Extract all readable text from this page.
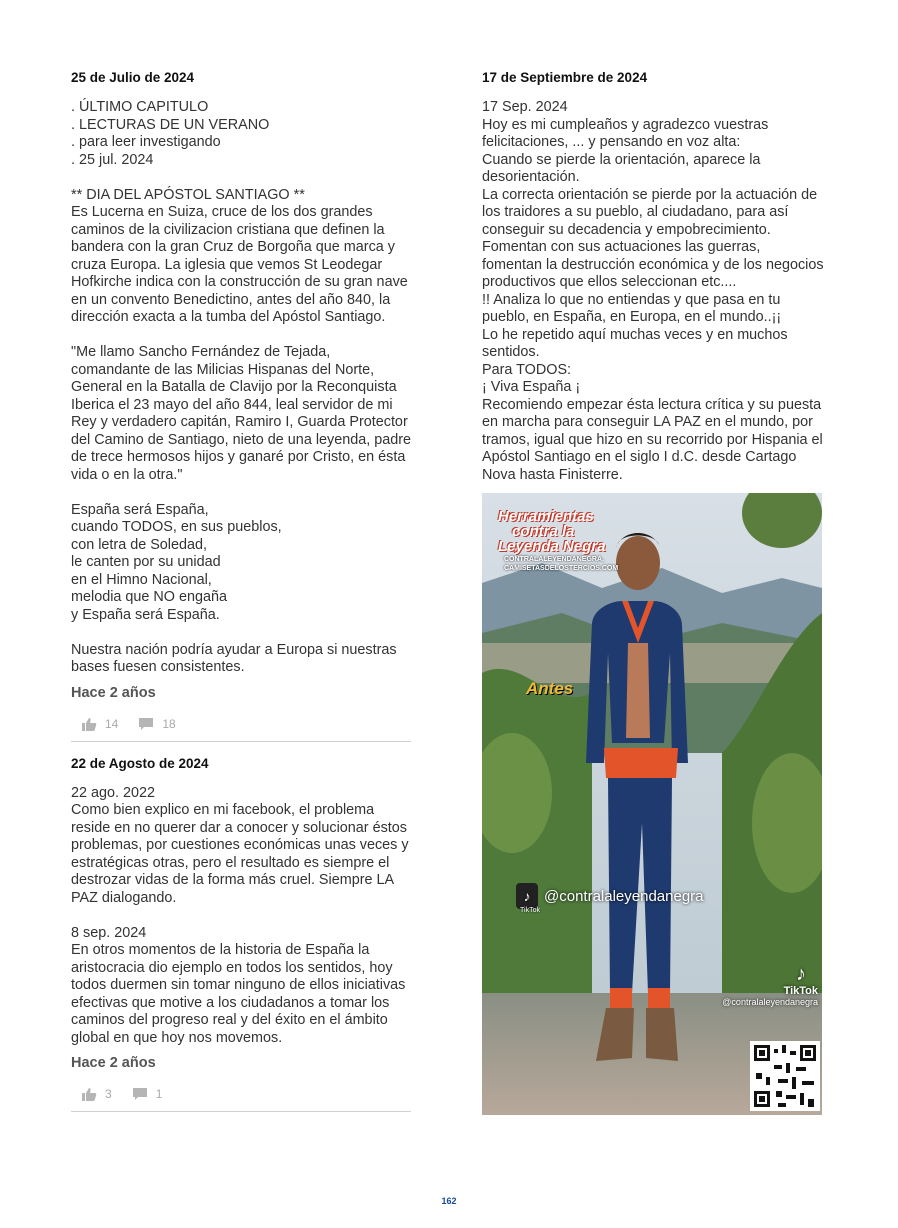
25 de Julio de 2024

. ÚLTIMO CAPITULO
. LECTURAS DE UN VERANO
. para leer investigando
. 25 jul. 2024

** DIA DEL APÓSTOL SANTIAGO **
Es Lucerna en Suiza, cruce de los dos grandes caminos de la civilizacion cristiana que definen la bandera con la gran Cruz de Borgoña que marca y cruza Europa. La iglesia que vemos St Leodegar Hofkirche indica con la construcción de su gran nave en un convento Benedictino, antes del año 840, la dirección exacta a la tumba del Apóstol Santiago.

"Me llamo Sancho Fernández de Tejada, comandante de las Milicias Hispanas del Norte, General en la Batalla de Clavijo por la Reconquista Iberica el 23 mayo del año 844, leal servidor de mi Rey y verdadero capitán, Ramiro I, Guarda Protector del Camino de Santiago, nieto de una leyenda, padre de trece hermosos hijos y ganaré por Cristo, en ésta vida o en la otra."

España será España,
cuando TODOS, en sus pueblos,
con letra de Soledad,
le canten por su unidad
en el Himno Nacional,
melodia que NO engaña
y España será España.

Nuestra nación podría ayudar a Europa si nuestras bases fuesen consistentes.

Hace 2 años
14	18
22 de Agosto de 2024

22 ago. 2022
Como bien explico en mi facebook, el problema reside en no querer dar a conocer y solucionar éstos problemas, por cuestiones económicas unas veces y estratégicas otras, pero el resultado es siempre el destrozar vidas de la forma más cruel. Siempre LA PAZ dialogando.

8 sep. 2024
En otros momentos de la historia de España la aristocracia dio ejemplo en todos los sentidos, hoy todos duermen sin tomar ninguno de ellos iniciativas efectivas que motive a los ciudadanos a tomar los caminos del progreso real y del éxito en el ámbito global en que hoy nos movemos.

Hace 2 años
3	1
17 de Septiembre de 2024

17 Sep. 2024
Hoy es mi cumpleaños y agradezco vuestras felicitaciones, ... y pensando en voz alta:
Cuando se pierde la orientación, aparece la desorientación.
La correcta orientación se pierde por la actuación de los traidores a su pueblo, al ciudadano, para así conseguir su decadencia y empobrecimiento.
Fomentan con sus actuaciones las guerras, fomentan la destrucción económica y de los negocios productivos que ellos seleccionan etc....
!! Analiza lo que no entiendas y que pasa en tu pueblo, en España, en Europa, en el mundo..¡¡
Lo he repetido aquí muchas veces y en muchos sentidos.
Para TODOS:
¡ Viva España ¡
Recomiendo empezar ésta lectura crítica y su puesta en marcha para conseguir LA PAZ en el mundo, por tramos, igual que hizo en su recorrido por Hispania el Apóstol Santiago en el siglo I d.C. desde Cartago Nova hasta Finisterre.

Herramientas
contra la
Leyenda Negra
CONTRALALEYENDANEGRA.
CAMISETASDELOSTERCIOS.COM
Antes
♪ @contralaleyendanegra
♪
TikTok
@contralaleyendanegra
TikTok
162
